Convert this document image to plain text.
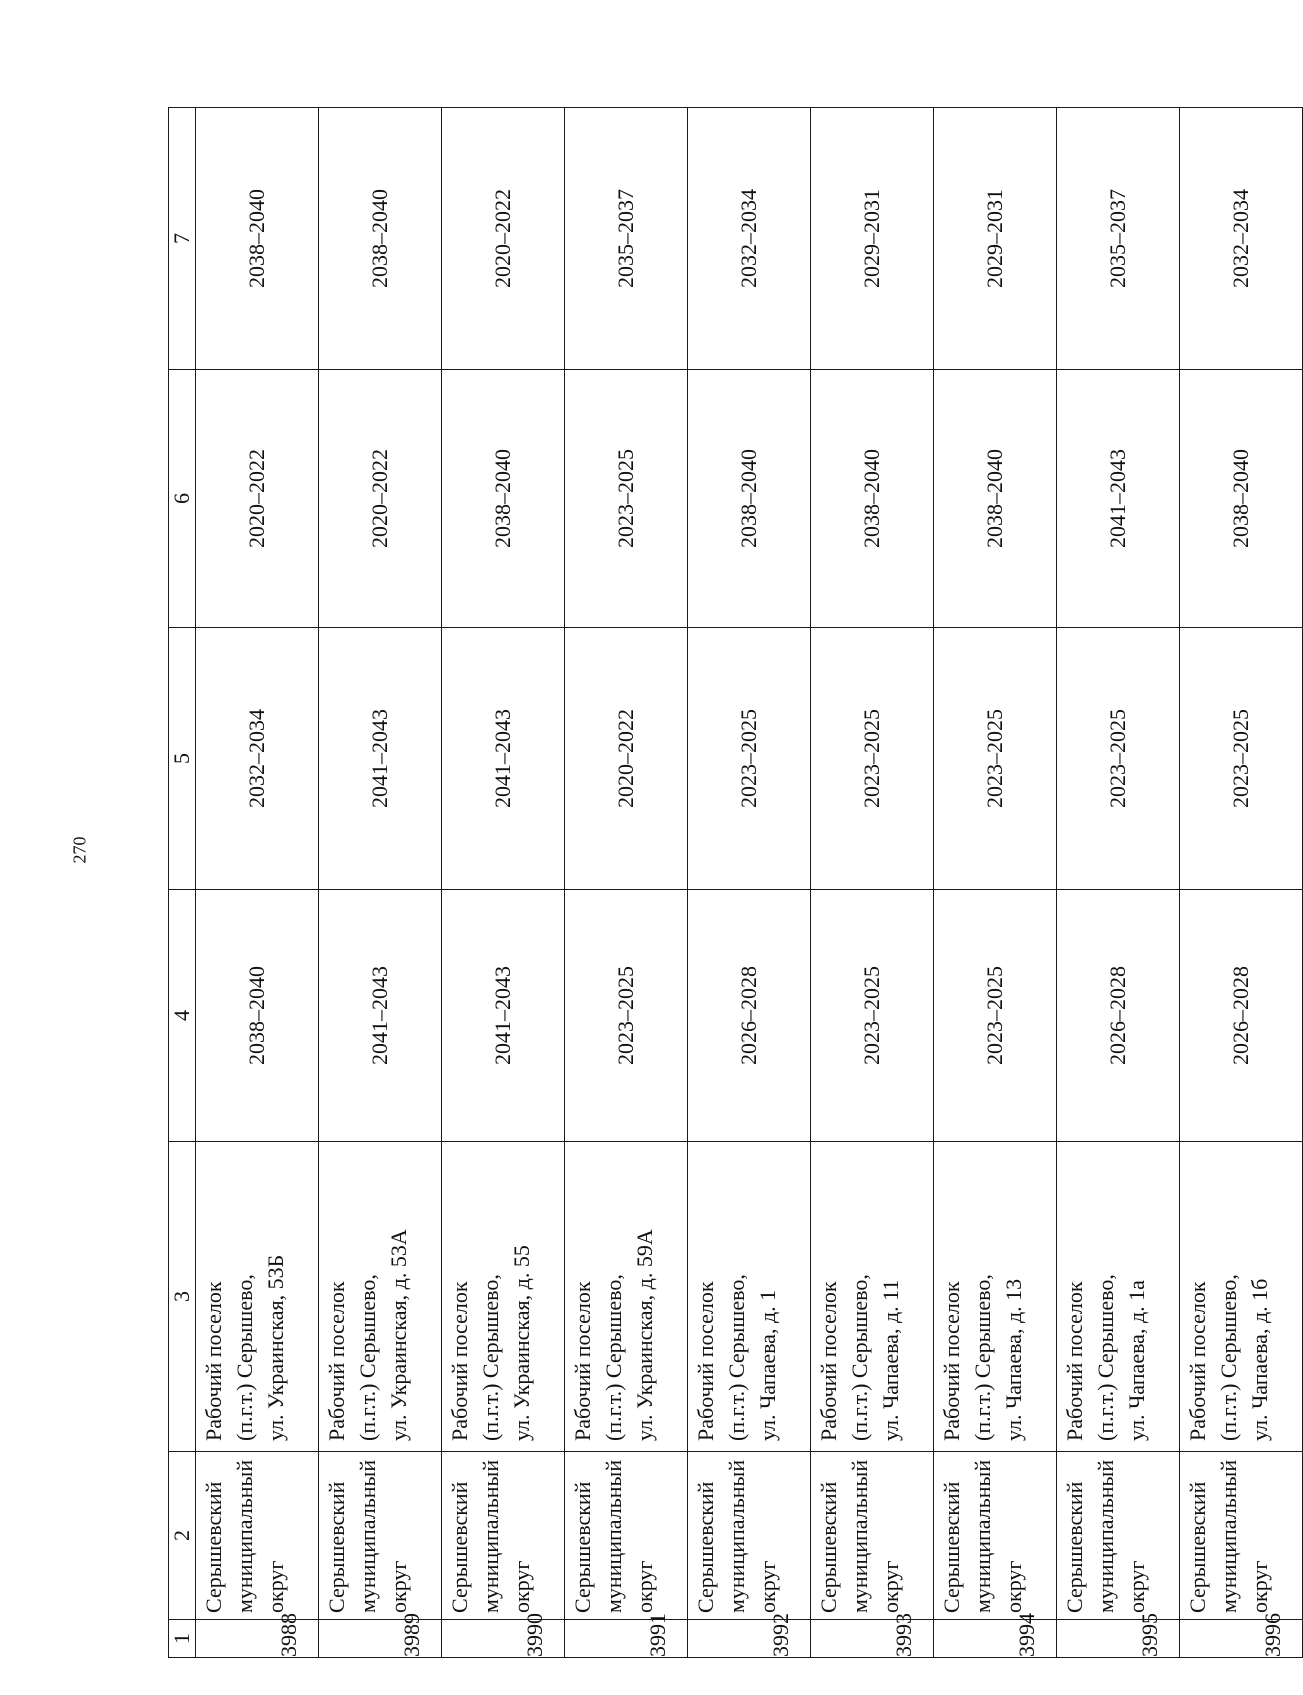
270
1	2	3	4	5	6	7
3988	Серышевский муниципальный округ	Рабочий поселок (п.г.т.) Серышево, ул. Украинская, 53Б	2038–2040	2032–2034	2020–2022	2038–2040
3989	Серышевский муниципальный округ	Рабочий поселок (п.г.т.) Серышево, ул. Украинская, д. 53А	2041–2043	2041–2043	2020–2022	2038–2040
3990	Серышевский муниципальный округ	Рабочий поселок (п.г.т.) Серышево, ул. Украинская, д. 55	2041–2043	2041–2043	2038–2040	2020–2022
3991	Серышевский муниципальный округ	Рабочий поселок (п.г.т.) Серышево, ул. Украинская, д. 59А	2023–2025	2020–2022	2023–2025	2035–2037
3992	Серышевский муниципальный округ	Рабочий поселок (п.г.т.) Серышево, ул. Чапаева, д. 1	2026–2028	2023–2025	2038–2040	2032–2034
3993	Серышевский муниципальный округ	Рабочий поселок (п.г.т.) Серышево, ул. Чапаева, д. 11	2023–2025	2023–2025	2038–2040	2029–2031
3994	Серышевский муниципальный округ	Рабочий поселок (п.г.т.) Серышево, ул. Чапаева, д. 13	2023–2025	2023–2025	2038–2040	2029–2031
3995	Серышевский муниципальный округ	Рабочий поселок (п.г.т.) Серышево, ул. Чапаева, д. 1а	2026–2028	2023–2025	2041–2043	2035–2037
3996	Серышевский муниципальный округ	Рабочий поселок (п.г.т.) Серышево, ул. Чапаева, д. 1б	2026–2028	2023–2025	2038–2040	2032–2034
